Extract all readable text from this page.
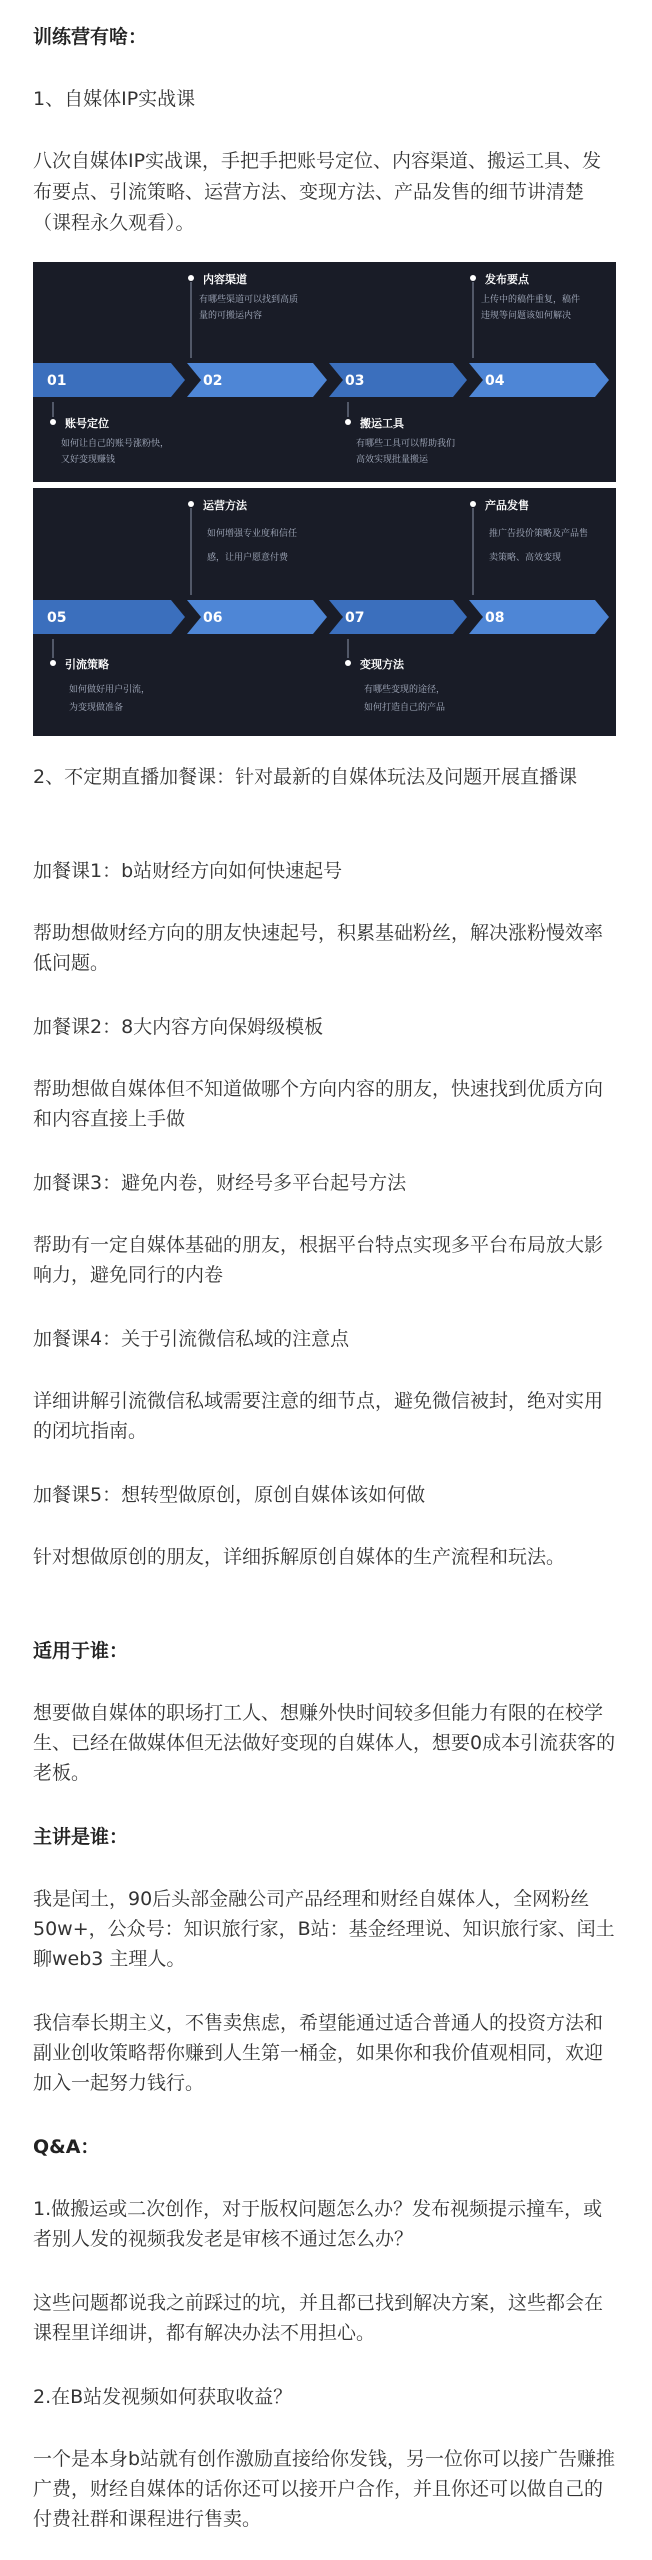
训练营有啥：

1、自媒体IP实战课

八次自媒体IP实战课，手把手把账号定位、内容渠道、搬运工具、发布要点、引流策略、运营方法、变现方法、产品发售的细节讲清楚（课程永久观看）。

01	02	03	04
账号定位
如何让自己的账号涨粉快，
又好变现赚钱
内容渠道
有哪些渠道可以找到高质
量的可搬运内容
搬运工具
有哪些工具可以帮助我们
高效实现批量搬运
发布要点
上传中的稿件重复，稿件
违规等问题该如何解决
05	06	07	08
引流策略
如何做好用户引流，
为变现做准备
运营方法
如何增强专业度和信任
感，让用户愿意付费
变现方法
有哪些变现的途径，
如何打造自己的产品
产品发售
推广告投价策略及产品售
卖策略、高效变现

2、不定期直播加餐课：针对最新的自媒体玩法及问题开展直播课

加餐课1：b站财经方向如何快速起号

帮助想做财经方向的朋友快速起号，积累基础粉丝，解决涨粉慢效率低问题。

加餐课2：8大内容方向保姆级模板

帮助想做自媒体但不知道做哪个方向内容的朋友，快速找到优质方向和内容直接上手做

加餐课3：避免内卷，财经号多平台起号方法

帮助有一定自媒体基础的朋友，根据平台特点实现多平台布局放大影响力，避免同行的内卷

加餐课4：关于引流微信私域的注意点

详细讲解引流微信私域需要注意的细节点，避免微信被封，绝对实用的闭坑指南。

加餐课5：想转型做原创，原创自媒体该如何做

针对想做原创的朋友，详细拆解原创自媒体的生产流程和玩法。

适用于谁：

想要做自媒体的职场打工人、想赚外快时间较多但能力有限的在校学生、已经在做媒体但无法做好变现的自媒体人，想要0成本引流获客的老板。

主讲是谁：

我是闰土，90后头部金融公司产品经理和财经自媒体人，全网粉丝50w+，公众号：知识旅行家，B站：基金经理说、知识旅行家、闰土聊web3 主理人。

我信奉长期主义，不售卖焦虑，希望能通过适合普通人的投资方法和副业创收策略帮你赚到人生第一桶金，如果你和我价值观相同，欢迎加入一起努力钱行。

Q&A：

1.做搬运或二次创作，对于版权问题怎么办？发布视频提示撞车，或者别人发的视频我发老是审核不通过怎么办？

这些问题都说我之前踩过的坑，并且都已找到解决方案，这些都会在课程里详细讲，都有解决办法不用担心。

2.在B站发视频如何获取收益？

一个是本身b站就有创作激励直接给你发钱，另一位你可以接广告赚推广费，财经自媒体的话你还可以接开户合作，并且你还可以做自己的付费社群和课程进行售卖。
